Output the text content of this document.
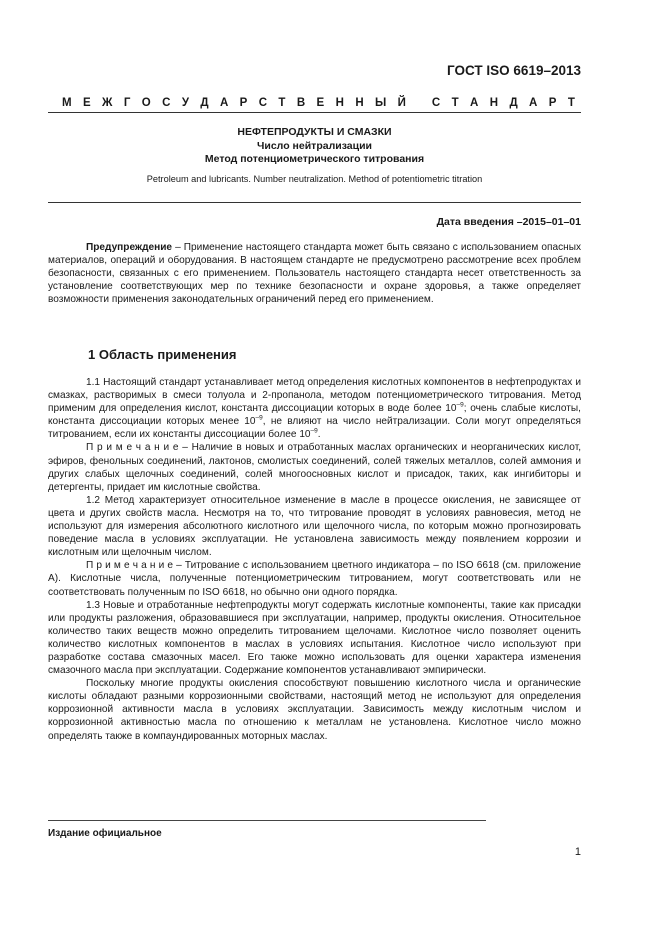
ГОСТ ISO 6619–2013
М Е Ж Г О С У Д А Р С Т В Е Н Н Ы Й
С Т А Н Д А Р Т
НЕФТЕПРОДУКТЫ И СМАЗКИ
Число нейтрализации
Метод потенциометрического титрования
Petroleum and lubricants. Number neutralization. Method of potentiometric titration
Дата введения –2015–01–01

Предупреждение – Применение настоящего стандарта может быть связано с использованием опасных материалов, операций и оборудования. В настоящем стандарте не предусмотрено рассмотрение всех проблем безопасности, связанных с его применением. Пользователь настоящего стандарта несет ответственность за установление соответствующих мер по технике безопасности и охране здоровья, а также определяет возможности применения законодательных ограничений перед его применением.

1 Область применения

1.1 Настоящий стандарт устанавливает метод определения кислотных компонентов в нефтепродуктах и смазках, растворимых в смеси толуола и 2-пропанола, методом потенциометрического титрования. Метод применим для определения кислот, константа диссоциации которых в воде более $10^{-9}$; очень слабые кислоты, константа диссоциации которых менее $10^{-9}$, не влияют на число нейтрализации. Соли могут определяться титрованием, если их константы диссоциации более $10^{-9}$.

П р и м е ч а н и е – Наличие в новых и отработанных маслах органических и неорганических кислот, эфиров, фенольных соединений, лактонов, смолистых соединений, солей тяжелых металлов, солей аммония и других слабых щелочных соединений, солей многоосновных кислот и присадок, таких, как ингибиторы и детергенты, придает им кислотные свойства.

1.2 Метод характеризует относительное изменение в масле в процессе окисления, не зависящее от цвета и других свойств масла. Несмотря на то, что титрование проводят в условиях равновесия, метод не используют для измерения абсолютного кислотного или щелочного числа, по которым можно прогнозировать поведение масла в условиях эксплуатации. Не установлена зависимость между появлением коррозии и кислотным или щелочным числом.

П р и м е ч а н и е – Титрование с использованием цветного индикатора – по ISO 6618 (см. приложение А). Кислотные числа, полученные потенциометрическим титрованием, могут соответствовать или не соответствовать полученным по ISO 6618, но обычно они одного порядка.

1.3 Новые и отработанные нефтепродукты могут содержать кислотные компоненты, такие как присадки или продукты разложения, образовавшиеся при эксплуатации, например, продукты окисления. Относительное количество таких веществ можно определить титрованием щелочами. Кислотное число позволяет оценить количество кислотных компонентов в маслах в условиях испытания. Кислотное число используют при разработке состава смазочных масел. Его также можно использовать для оценки характера изменения смазочного масла при эксплуатации. Содержание компонентов устанавливают эмпирически.

Поскольку многие продукты окисления способствуют повышению кислотного числа и органические кислоты обладают разными коррозионными свойствами, настоящий метод не используют для определения коррозионной активности масла в условиях эксплуатации. Зависимость между кислотным числом и коррозионной активностью масла по отношению к металлам не установлена. Кислотное число можно определять также в компаундированных моторных маслах.

Издание официальное
1
